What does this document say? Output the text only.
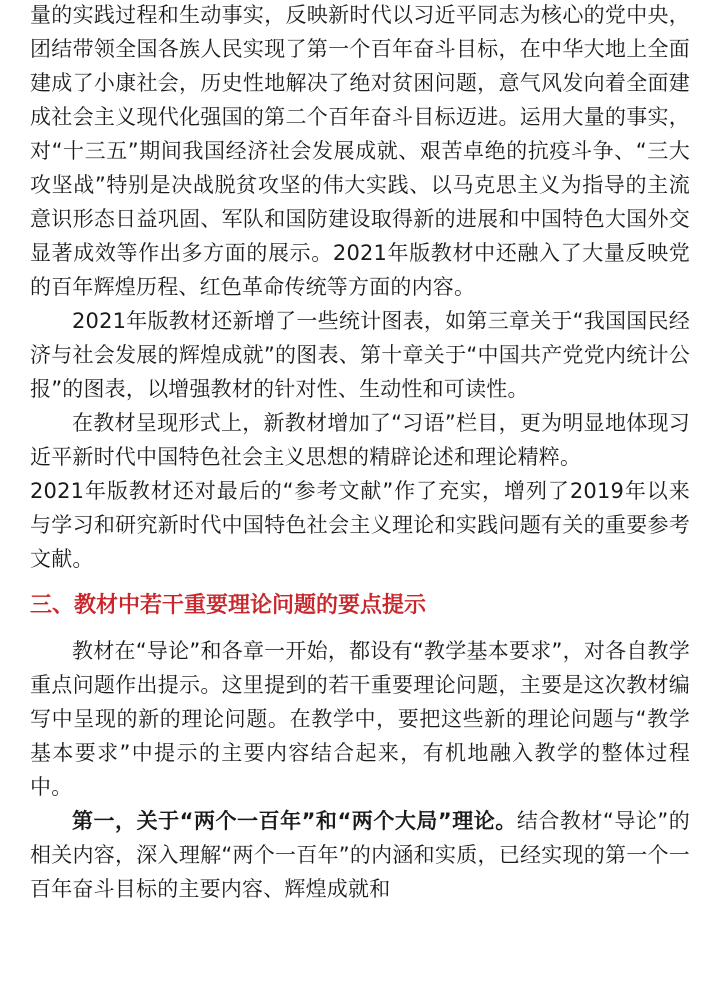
量的实践过程和生动事实，反映新时代以习近平同志为核心的党中央，团结带领全国各族人民实现了第一个百年奋斗目标，在中华大地上全面建成了小康社会，历史性地解决了绝对贫困问题，意气风发向着全面建成社会主义现代化强国的第二个百年奋斗目标迈进。运用大量的事实，对“十三五”期间我国经济社会发展成就、艰苦卓绝的抗疫斗争、“三大攻坚战”特别是决战脱贫攻坚的伟大实践、以马克思主义为指导的主流意识形态日益巩固、军队和国防建设取得新的进展和中国特色大国外交显著成效等作出多方面的展示。2021年版教材中还融入了大量反映党的百年辉煌历程、红色革命传统等方面的内容。

2021年版教材还新增了一些统计图表，如第三章关于“我国国民经济与社会发展的辉煌成就”的图表、第十章关于“中国共产党党内统计公报”的图表，以增强教材的针对性、生动性和可读性。

在教材呈现形式上，新教材增加了“习语”栏目，更为明显地体现习近平新时代中国特色社会主义思想的精辟论述和理论精粹。

2021年版教材还对最后的“参考文献”作了充实，增列了2019年以来与学习和研究新时代中国特色社会主义理论和实践问题有关的重要参考文献。

三、教材中若干重要理论问题的要点提示

教材在“导论”和各章一开始，都设有“教学基本要求”，对各自教学重点问题作出提示。这里提到的若干重要理论问题，主要是这次教材编写中呈现的新的理论问题。在教学中，要把这些新的理论问题与“教学基本要求”中提示的主要内容结合起来，有机地融入教学的整体过程中。

第一，关于“两个一百年”和“两个大局”理论。结合教材“导论”的相关内容，深入理解“两个一百年”的内涵和实质，已经实现的第一个一百年奋斗目标的主要内容、辉煌成就和
